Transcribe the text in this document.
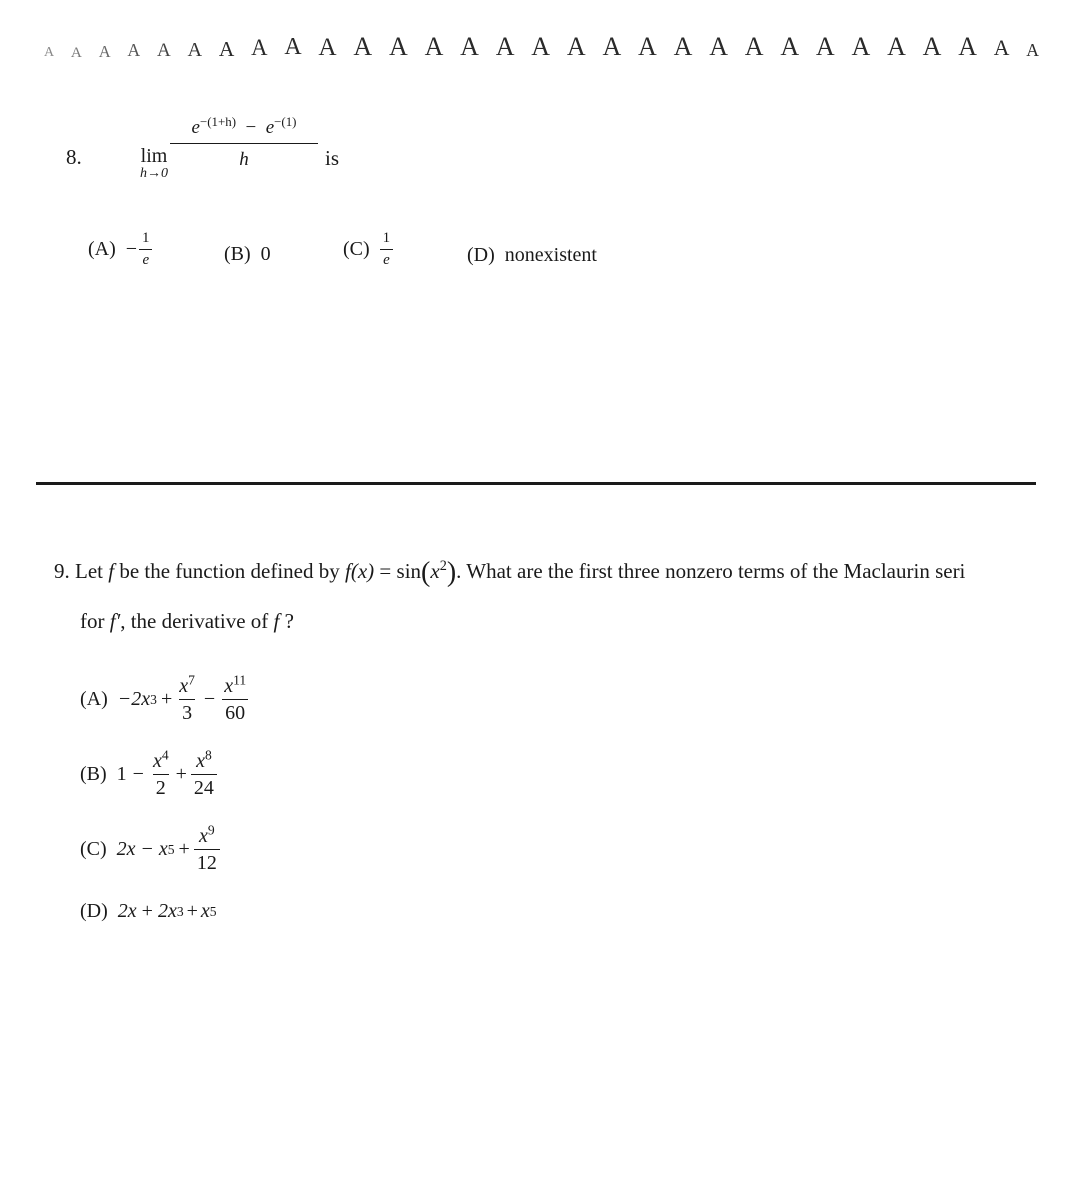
A A A A A A A A A A A A A A A A A A A A A A A A A A A A A A
8.	lim
h→0
$\frac{e^{-(1+h)} - e^{-(1)}}{h}$ is
$(A) - \frac{1}{e}$	(B) 0	$(C) \frac{1}{e}$	(D) nonexistent
9. Let f be the function defined by $f(x) = \sin(x^2)$. What are the first three nonzero terms of the Maclaurin seri
for f′, the derivative of f ?
(A) −2x $3 + \frac{x^7}{3} - \frac{x^{11}}{60}$
(B) $1 - \frac{x^4}{2} + \frac{x^8}{24}$
(C) 2x − x $5 + \frac{x^9}{12}$
(D) 2x + 2x 3 + x 5
